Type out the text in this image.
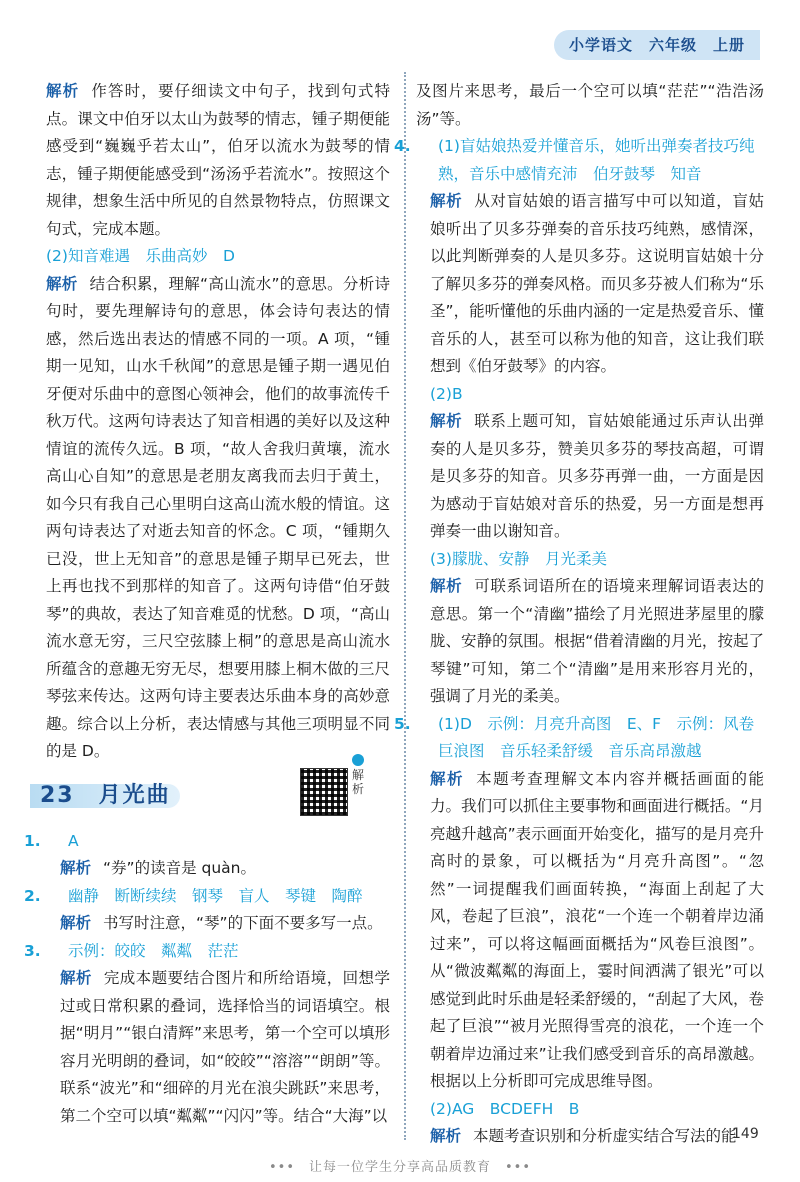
小学语文　六年级　上册

解析 作答时，要仔细读文中句子，找到句式特点。课文中伯牙以太山为鼓琴的情志，锺子期便能感受到“巍巍乎若太山”，伯牙以流水为鼓琴的情志，锺子期便能感受到“汤汤乎若流水”。按照这个规律，想象生活中所见的自然景物特点，仿照课文句式，完成本题。

(2)知音难遇　乐曲高妙　D

解析 结合积累，理解“高山流水”的意思。分析诗句时，要先理解诗句的意思，体会诗句表达的情感，然后选出表达的情感不同的一项。A 项，“锺期一见知，山水千秋闻”的意思是锺子期一遇见伯牙便对乐曲中的意图心领神会，他们的故事流传千秋万代。这两句诗表达了知音相遇的美好以及这种情谊的流传久远。B 项，“故人舍我归黄壤，流水高山心自知”的意思是老朋友离我而去归于黄土，如今只有我自己心里明白这高山流水般的情谊。这两句诗表达了对逝去知音的怀念。C 项，“锺期久已没，世上无知音”的意思是锺子期早已死去，世上再也找不到那样的知音了。这两句诗借“伯牙鼓琴”的典故，表达了知音难觅的忧愁。D 项，“高山流水意无穷，三尺空弦膝上桐”的意思是高山流水所蕴含的意趣无穷无尽，想要用膝上桐木做的三尺琴弦来传达。这两句诗主要表达乐曲本身的高妙意趣。综合以上分析，表达情感与其他三项明显不同的是 D。

23　月光曲
解析

1. A

解析 “券”的读音是 quàn。

2. 幽静　断断续续　钢琴　盲人　琴键　陶醉

解析 书写时注意，“琴”的下面不要多写一点。

3. 示例：皎皎　粼粼　茫茫

解析 完成本题要结合图片和所给语境，回想学过或日常积累的叠词，选择恰当的词语填空。根据“明月”“银白清辉”来思考，第一个空可以填形容月光明朗的叠词，如“皎皎”“溶溶”“朗朗”等。联系“波光”和“细碎的月光在浪尖跳跃”来思考，第二个空可以填“粼粼”“闪闪”等。结合“大海”以

及图片来思考，最后一个空可以填“茫茫”“浩浩汤汤”等。

4. (1)盲姑娘热爱并懂音乐，她听出弹奏者技巧纯熟，音乐中感情充沛　伯牙鼓琴　知音

解析 从对盲姑娘的语言描写中可以知道，盲姑娘听出了贝多芬弹奏的音乐技巧纯熟，感情深，以此判断弹奏的人是贝多芬。这说明盲姑娘十分了解贝多芬的弹奏风格。而贝多芬被人们称为“乐圣”，能听懂他的乐曲内涵的一定是热爱音乐、懂音乐的人，甚至可以称为他的知音，这让我们联想到《伯牙鼓琴》的内容。

(2)B

解析 联系上题可知，盲姑娘能通过乐声认出弹奏的人是贝多芬，赞美贝多芬的琴技高超，可谓是贝多芬的知音。贝多芬再弹一曲，一方面是因为感动于盲姑娘对音乐的热爱，另一方面是想再弹奏一曲以谢知音。

(3)朦胧、安静　月光柔美

解析 可联系词语所在的语境来理解词语表达的意思。第一个“清幽”描绘了月光照进茅屋里的朦胧、安静的氛围。根据“借着清幽的月光，按起了琴键”可知，第二个“清幽”是用来形容月光的，强调了月光的柔美。

5. (1)D　示例：月亮升高图　E、F　示例：风卷巨浪图　音乐轻柔舒缓　音乐高昂激越

解析 本题考查理解文本内容并概括画面的能力。我们可以抓住主要事物和画面进行概括。“月亮越升越高”表示画面开始变化，描写的是月亮升高时的景象，可以概括为“月亮升高图”。“忽然”一词提醒我们画面转换，“海面上刮起了大风，卷起了巨浪”，浪花“一个连一个朝着岸边涌过来”，可以将这幅画面概括为“风卷巨浪图”。从“微波粼粼的海面上，霎时间洒满了银光”可以感觉到此时乐曲是轻柔舒缓的，“刮起了大风，卷起了巨浪”“被月光照得雪亮的浪花，一个连一个朝着岸边涌过来”让我们感受到音乐的高昂激越。根据以上分析即可完成思维导图。

(2)AG　BCDEFH　B

解析 本题考查识别和分析虚实结合写法的能

149
•••　让每一位学生分享高品质教育　•••
